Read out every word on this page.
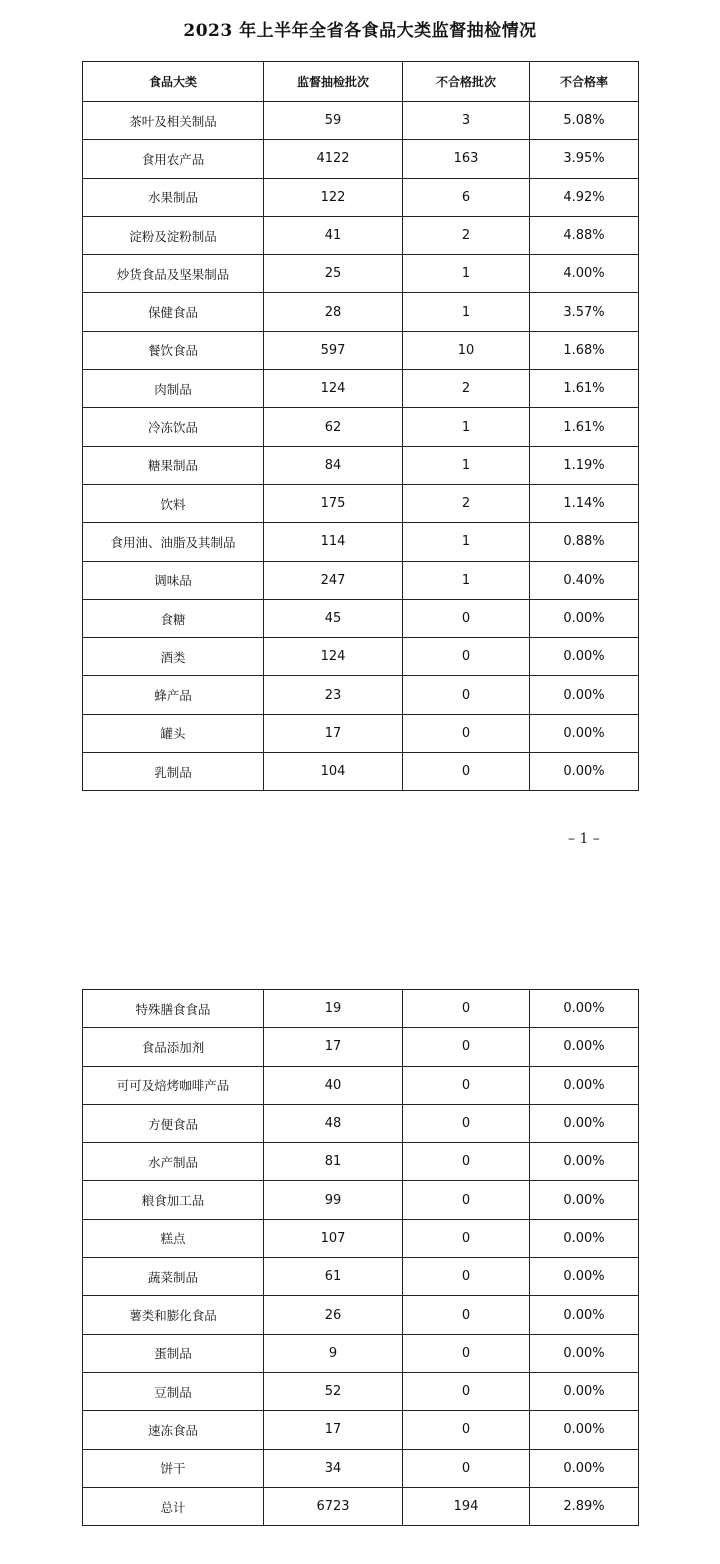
2023 年上半年全省各食品大类监督抽检情况
食品大类	监督抽检批次	不合格批次	不合格率
茶叶及相关制品	59	3	5.08%
食用农产品	4122	163	3.95%
水果制品	122	6	4.92%
淀粉及淀粉制品	41	2	4.88%
炒货食品及坚果制品	25	1	4.00%
保健食品	28	1	3.57%
餐饮食品	597	10	1.68%
肉制品	124	2	1.61%
冷冻饮品	62	1	1.61%
糖果制品	84	1	1.19%
饮料	175	2	1.14%
食用油、油脂及其制品	114	1	0.88%
调味品	247	1	0.40%
食糖	45	0	0.00%
酒类	124	0	0.00%
蜂产品	23	0	0.00%
罐头	17	0	0.00%
乳制品	104	0	0.00%
– 1 –
特殊膳食食品	19	0	0.00%
食品添加剂	17	0	0.00%
可可及焙烤咖啡产品	40	0	0.00%
方便食品	48	0	0.00%
水产制品	81	0	0.00%
粮食加工品	99	0	0.00%
糕点	107	0	0.00%
蔬菜制品	61	0	0.00%
薯类和膨化食品	26	0	0.00%
蛋制品	9	0	0.00%
豆制品	52	0	0.00%
速冻食品	17	0	0.00%
饼干	34	0	0.00%
总计	6723	194	2.89%
